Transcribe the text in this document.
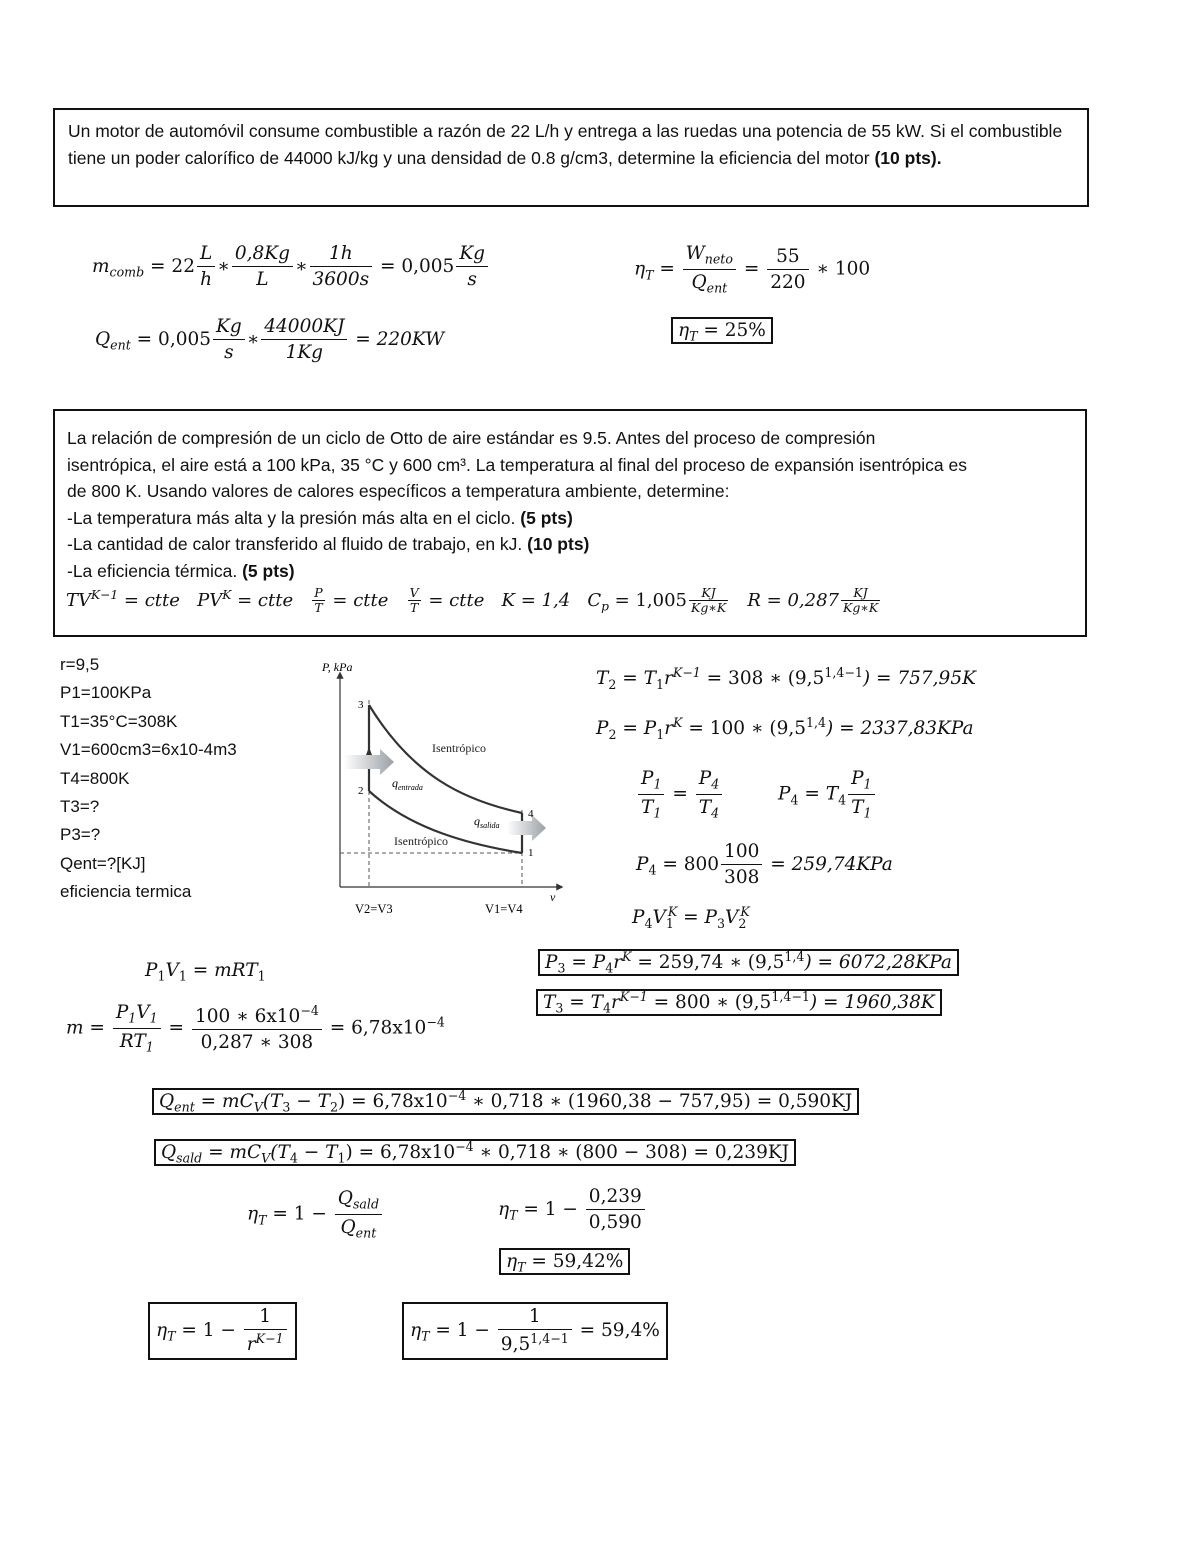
Un motor de automóvil consume combustible a razón de 22 L/h y entrega a las ruedas una potencia de 55 kW. Si el combustible tiene un poder calorífico de 44000 kJ/kg y una densidad de 0.8 g/cm3, determine la eficiencia del motor (10 pts).
$m_{comb} = 22 \frac{L}{h}$ ∗ $\frac{0,8Kg}{L}$ ∗ $\frac{1h}{3600s} = 0,005 \frac{Kg}{s}$
$Q_{ent} = 0,005 \frac{Kg}{s}$ ∗ $\frac{44000KJ}{1Kg} = 220KW$
$\eta_T = \frac{W_{neto}}{Q_{ent}} = \frac{55}{220}$ ∗ 100
$\eta_T = 25\%$
La relación de compresión de un ciclo de Otto de aire estándar es 9.5. Antes del proceso de compresión
isentrópica, el aire está a 100 kPa, 35 °C y 600 cm³. La temperatura al final del proceso de expansión isentrópica es
de 800 K. Usando valores de calores específicos a temperatura ambiente, determine:
-La temperatura más alta y la presión más alta en el ciclo. (5 pts)
-La cantidad de calor transferido al fluido de trabajo, en kJ. (10 pts)
-La eficiencia térmica. (5 pts)
$TV^{K-1}$ = ctte $PV^K$ = ctte $\frac{P}{T}$ = ctte $\frac{V}{T}$ = ctte K = 1,4 $C_p = 1,005 \frac{KJ}{Kg∗K}$ $R = 0,287 \frac{KJ}{Kg∗K}$
r=9,5
P1=100KPa
T1=35°C=308K
V1=600cm3=6x10-4m3
T4=800K
T3=?
P3=?
Qent=?[KJ]
eficiencia termica
P, kPa
v
3
2
4
1
Isentrópico
Isentrópico
$q_{entrada}$
$q_{salida}$
V2=V3	V1=V4
$T_2 = T_1r^{K-1} = 308$ ∗ $(9,5^{1,4-1}) = 757,95K$
$P_2 = P_1r^K = 100$ ∗ $(9,5^{1,4}) = 2337,83KPa$
$\frac{P_1}{T_1} = \frac{P_4}{T_4}$	$P_4 = T_4 \frac{P_1}{T_1}$
$P_4 = 800 \frac{100}{308} = 259,74KPa$
$P_4V_1^K = P_3V_2^K$
$P_3 = P_4r^K = 259,74$ ∗ $(9,5^{1,4}) = 6072,28KPa$
$T_3 = T_4r^{K-1} = 800$ ∗ $(9,5^{1,4-1}) = 1960,38K$
$P_1V_1 = mRT_1$
$m = \frac{P_1V_1}{RT_1} = \frac{100 ∗ 6x10^{-4}}{0,287 ∗ 308} = 6,78x10^{-4}$
$Q_{ent} = mC_V(T_3 - T_2) = 6,78x10^{-4}$ ∗ 0,718 ∗ (1960,38 − 757,95) = 0,590KJ
$Q_{sald} = mC_V(T_4 - T_1) = 6,78x10^{-4}$ ∗ 0,718 ∗ (800 − 308) = 0,239KJ
$\eta_T = 1 - \frac{Q_{sald}}{Q_{ent}}$	$\eta_T = 1 - \frac{0,239}{0,590}$
$\eta_T = 59,42\%$
$\eta_T = 1 - \frac{1}{r^{K-1}}$	$\eta_T = 1 - \frac{1}{9,5^{1,4-1}} = 59,4\%$
